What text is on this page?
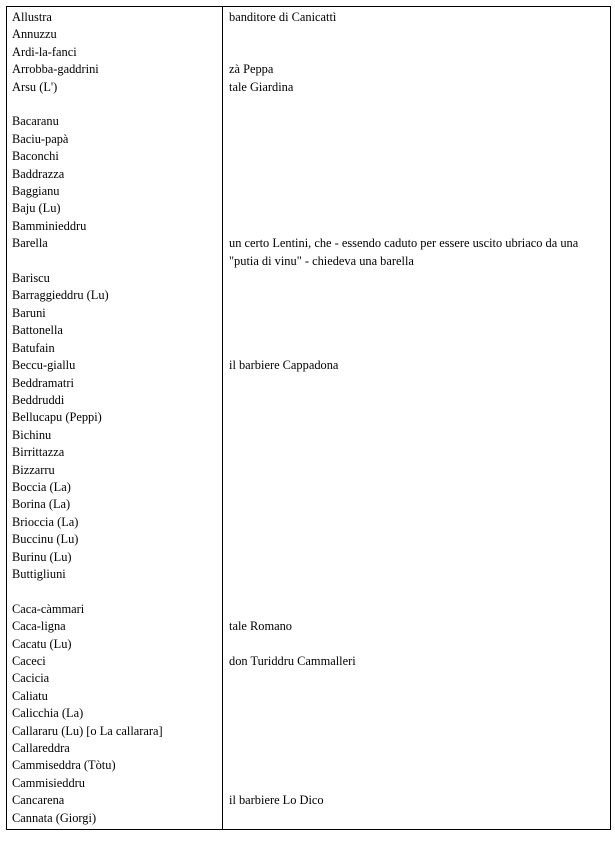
Allustra	banditore di Canicattì
Annuzzu
Ardi-la-fanci
Arrobba-gaddrini	zà Peppa
Arsu (L')	tale Giardina
Bacaranu
Baciu-papà
Baconchi
Baddrazza
Baggianu
Baju (Lu)
Bamminieddru
Barella	un certo Lentini, che - essendo caduto per essere uscito ubriaco da una "putia di vinu" - chiedeva una barella
Bariscu
Barraggieddru (Lu)
Baruni
Battonella
Batufain
Beccu-giallu	il barbiere Cappadona
Beddramatri
Beddruddi
Bellucapu (Peppi)
Bichinu
Birrittazza
Bizzarru
Boccia (La)
Borina (La)
Brioccia (La)
Buccinu (Lu)
Burinu (Lu)
Buttigliuni
Caca-càmmari
Caca-ligna	tale Romano
Cacatu (Lu)
Caceci	don Turiddru Cammalleri
Cacicia
Caliatu
Calicchia (La)
Callararu (Lu) [o La callarara]
Callareddra
Cammiseddra (Tòtu)
Cammisieddru
Cancarena	il barbiere Lo Dico
Cannata (Giorgi)
